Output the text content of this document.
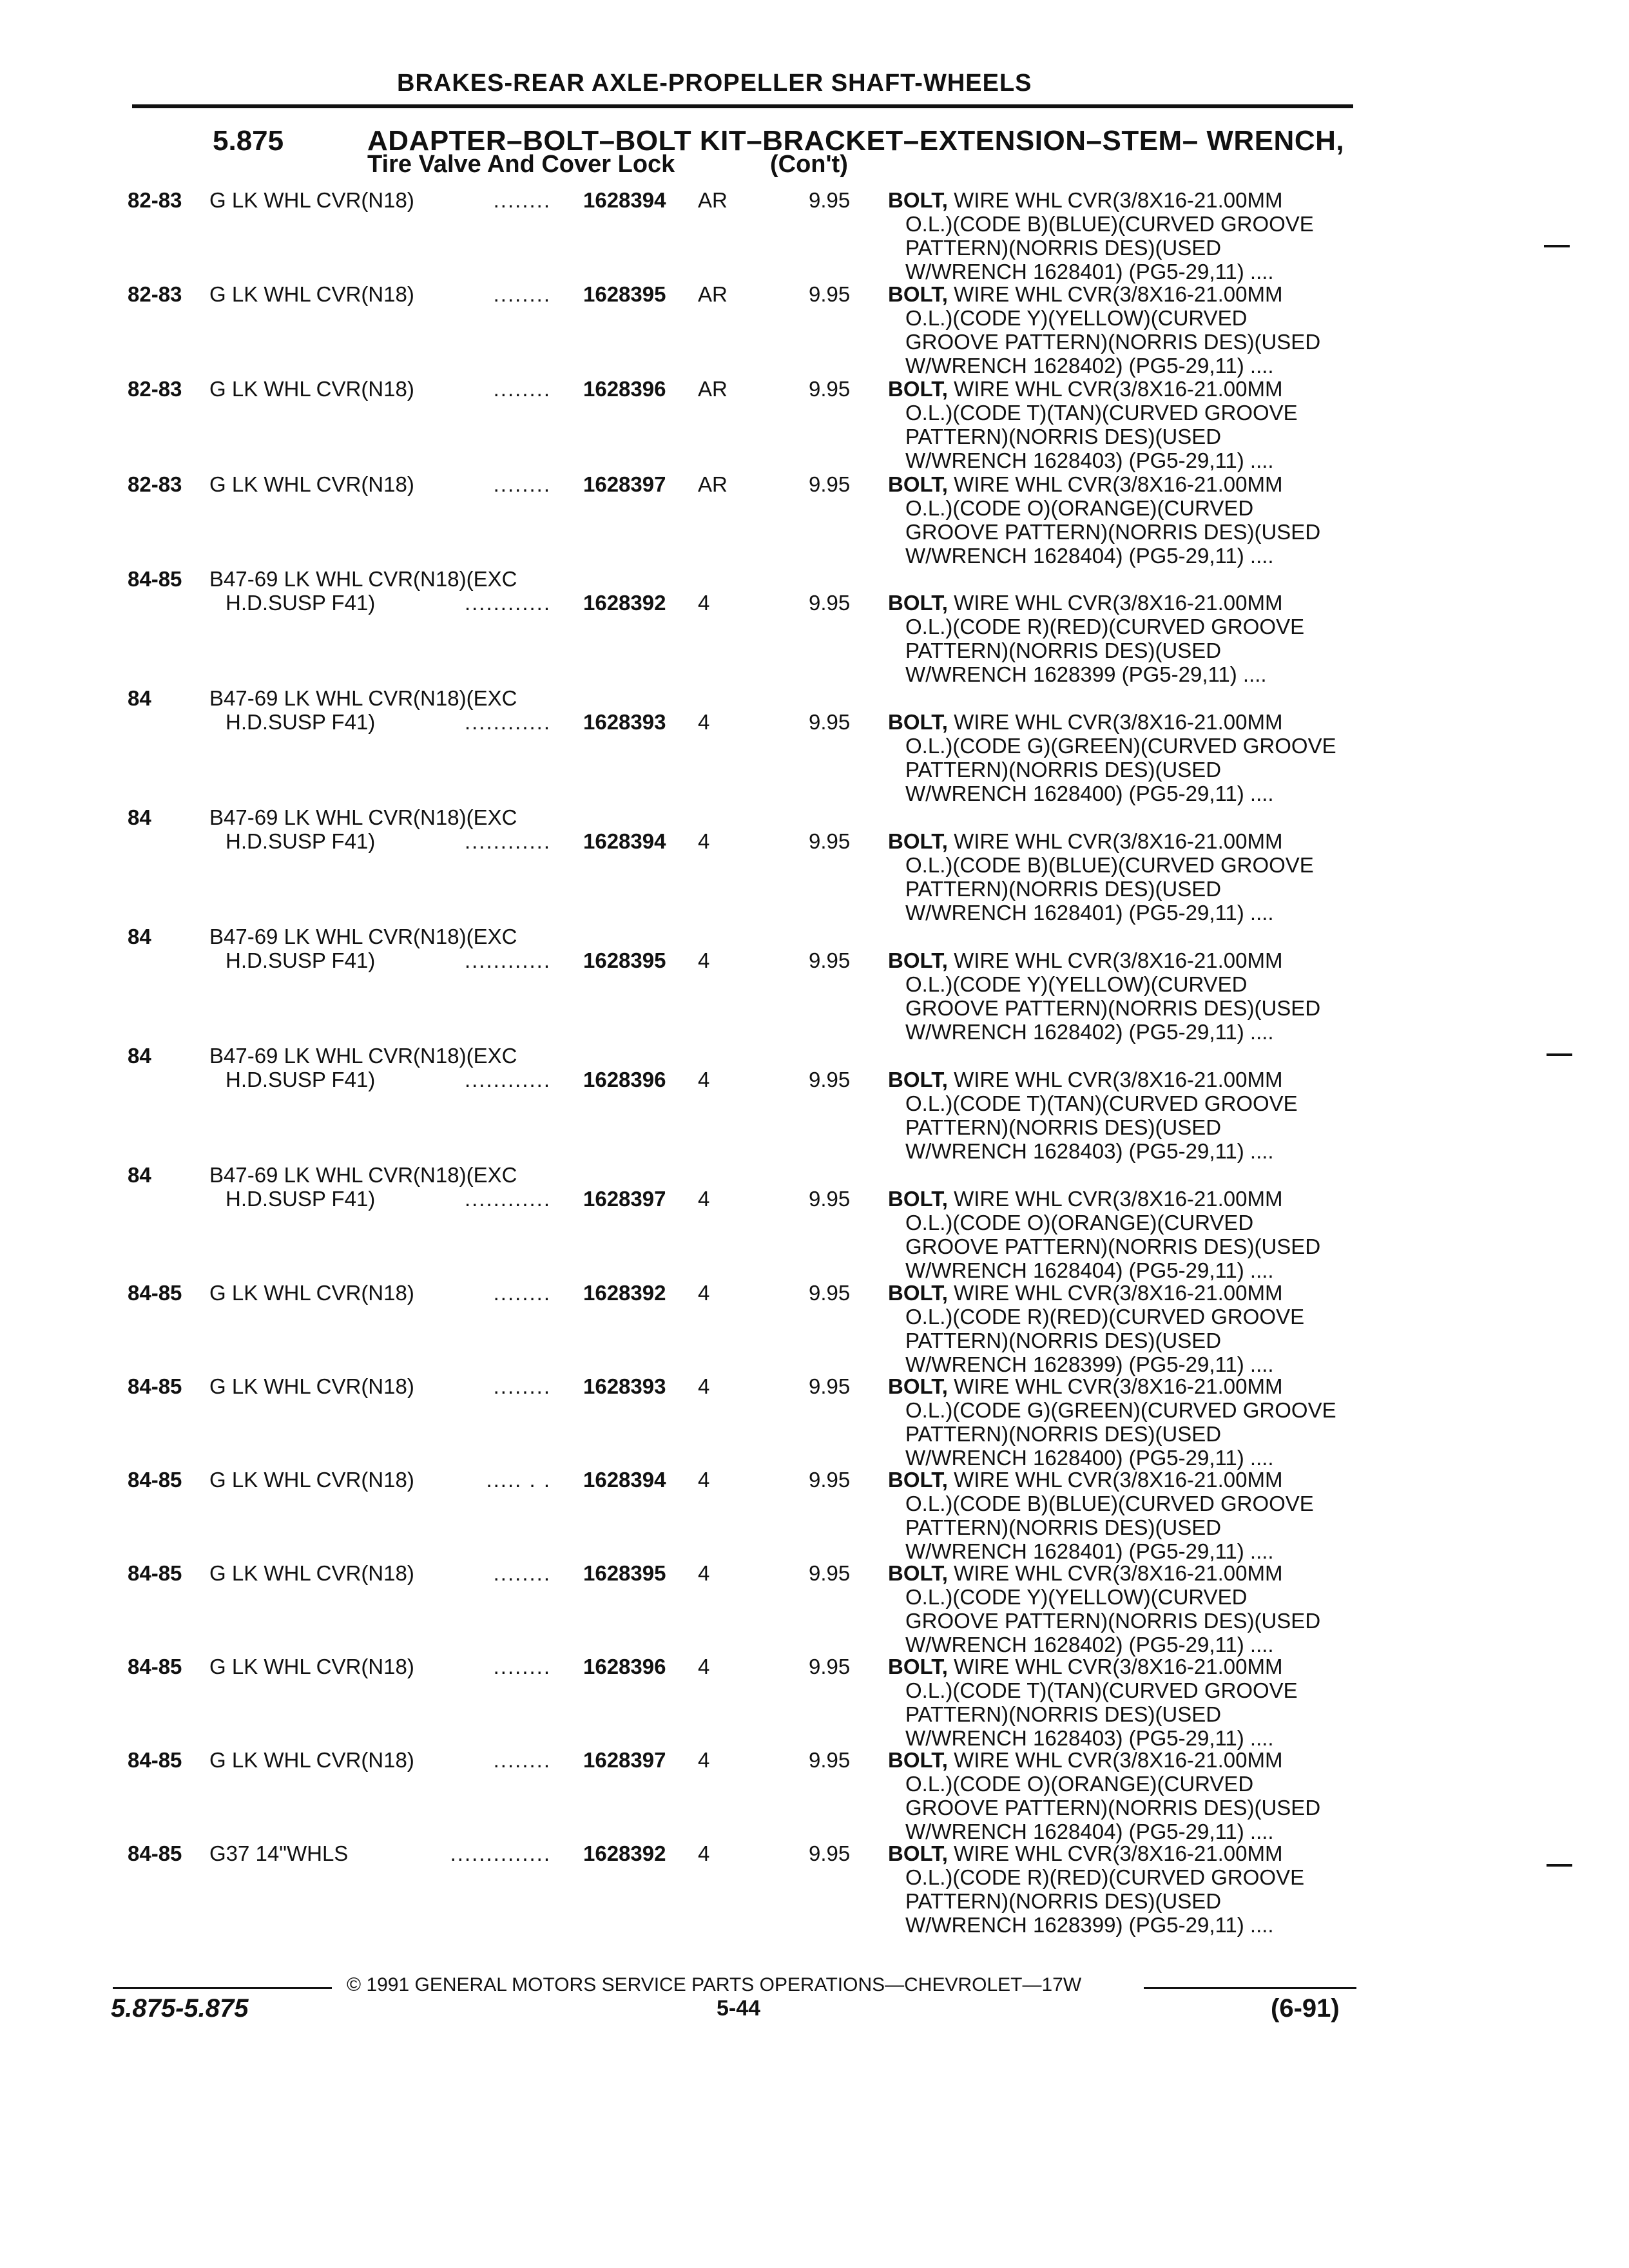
BRAKES-REAR AXLE-PROPELLER SHAFT-WHEELS
5.875	ADAPTER–BOLT–BOLT KIT–BRACKET–EXTENSION–STEM– WRENCH,
Tire Valve And Cover Lock	(Con't)
82-83 G LK WHL CVR(N18)	........ 1628394 AR	9.95 BOLT, WIRE WHL CVR(3/8X16-21.00MM
O.L.)(CODE B)(BLUE)(CURVED GROOVE
PATTERN)(NORRIS DES)(USED
W/WRENCH 1628401) (PG5-29,11) ....
82-83 G LK WHL CVR(N18)	........ 1628395 AR	9.95 BOLT, WIRE WHL CVR(3/8X16-21.00MM
O.L.)(CODE Y)(YELLOW)(CURVED
GROOVE PATTERN)(NORRIS DES)(USED
W/WRENCH 1628402) (PG5-29,11) ....
82-83 G LK WHL CVR(N18)	........ 1628396 AR	9.95 BOLT, WIRE WHL CVR(3/8X16-21.00MM
O.L.)(CODE T)(TAN)(CURVED GROOVE
PATTERN)(NORRIS DES)(USED
W/WRENCH 1628403) (PG5-29,11) ....
82-83 G LK WHL CVR(N18)	........ 1628397 AR	9.95 BOLT, WIRE WHL CVR(3/8X16-21.00MM
O.L.)(CODE O)(ORANGE)(CURVED
GROOVE PATTERN)(NORRIS DES)(USED
W/WRENCH 1628404) (PG5-29,11) ....
84-85 B47-69 LK WHL CVR(N18)(EXC
H.D.SUSP F41)	............ 1628392 4	9.95 BOLT, WIRE WHL CVR(3/8X16-21.00MM
O.L.)(CODE R)(RED)(CURVED GROOVE
PATTERN)(NORRIS DES)(USED
W/WRENCH 1628399 (PG5-29,11) ....
84	B47-69 LK WHL CVR(N18)(EXC
H.D.SUSP F41)	............ 1628393 4	9.95 BOLT, WIRE WHL CVR(3/8X16-21.00MM
O.L.)(CODE G)(GREEN)(CURVED GROOVE
PATTERN)(NORRIS DES)(USED
W/WRENCH 1628400) (PG5-29,11) ....
84	B47-69 LK WHL CVR(N18)(EXC
H.D.SUSP F41)	............ 1628394 4	9.95 BOLT, WIRE WHL CVR(3/8X16-21.00MM
O.L.)(CODE B)(BLUE)(CURVED GROOVE
PATTERN)(NORRIS DES)(USED
W/WRENCH 1628401) (PG5-29,11) ....
84	B47-69 LK WHL CVR(N18)(EXC
H.D.SUSP F41)	............ 1628395 4	9.95 BOLT, WIRE WHL CVR(3/8X16-21.00MM
O.L.)(CODE Y)(YELLOW)(CURVED
GROOVE PATTERN)(NORRIS DES)(USED
W/WRENCH 1628402) (PG5-29,11) ....
84	B47-69 LK WHL CVR(N18)(EXC
H.D.SUSP F41)	............ 1628396 4	9.95 BOLT, WIRE WHL CVR(3/8X16-21.00MM
O.L.)(CODE T)(TAN)(CURVED GROOVE
PATTERN)(NORRIS DES)(USED
W/WRENCH 1628403) (PG5-29,11) ....
84	B47-69 LK WHL CVR(N18)(EXC
H.D.SUSP F41)	............ 1628397 4	9.95 BOLT, WIRE WHL CVR(3/8X16-21.00MM
O.L.)(CODE O)(ORANGE)(CURVED
GROOVE PATTERN)(NORRIS DES)(USED
W/WRENCH 1628404) (PG5-29,11) ....
84-85 G LK WHL CVR(N18)	........ 1628392 4	9.95 BOLT, WIRE WHL CVR(3/8X16-21.00MM
O.L.)(CODE R)(RED)(CURVED GROOVE
PATTERN)(NORRIS DES)(USED
W/WRENCH 1628399) (PG5-29,11) ....
84-85 G LK WHL CVR(N18)	........ 1628393 4	9.95 BOLT, WIRE WHL CVR(3/8X16-21.00MM
O.L.)(CODE G)(GREEN)(CURVED GROOVE
PATTERN)(NORRIS DES)(USED
W/WRENCH 1628400) (PG5-29,11) ....
84-85 G LK WHL CVR(N18)	..... . . 1628394 4	9.95 BOLT, WIRE WHL CVR(3/8X16-21.00MM
O.L.)(CODE B)(BLUE)(CURVED GROOVE
PATTERN)(NORRIS DES)(USED
W/WRENCH 1628401) (PG5-29,11) ....
84-85 G LK WHL CVR(N18)	........ 1628395 4	9.95 BOLT, WIRE WHL CVR(3/8X16-21.00MM
O.L.)(CODE Y)(YELLOW)(CURVED
GROOVE PATTERN)(NORRIS DES)(USED
W/WRENCH 1628402) (PG5-29,11) ....
84-85 G LK WHL CVR(N18)	........ 1628396 4	9.95 BOLT, WIRE WHL CVR(3/8X16-21.00MM
O.L.)(CODE T)(TAN)(CURVED GROOVE
PATTERN)(NORRIS DES)(USED
W/WRENCH 1628403) (PG5-29,11) ....
84-85 G LK WHL CVR(N18)	........ 1628397 4	9.95 BOLT, WIRE WHL CVR(3/8X16-21.00MM
O.L.)(CODE O)(ORANGE)(CURVED
GROOVE PATTERN)(NORRIS DES)(USED
W/WRENCH 1628404) (PG5-29,11) ....
84-85 G37 14"WHLS	.............. 1628392 4	9.95 BOLT, WIRE WHL CVR(3/8X16-21.00MM
O.L.)(CODE R)(RED)(CURVED GROOVE
PATTERN)(NORRIS DES)(USED
W/WRENCH 1628399) (PG5-29,11) ....
© 1991 GENERAL MOTORS SERVICE PARTS OPERATIONS—CHEVROLET—17W
5.875-5.875	5-44	(6-91)
